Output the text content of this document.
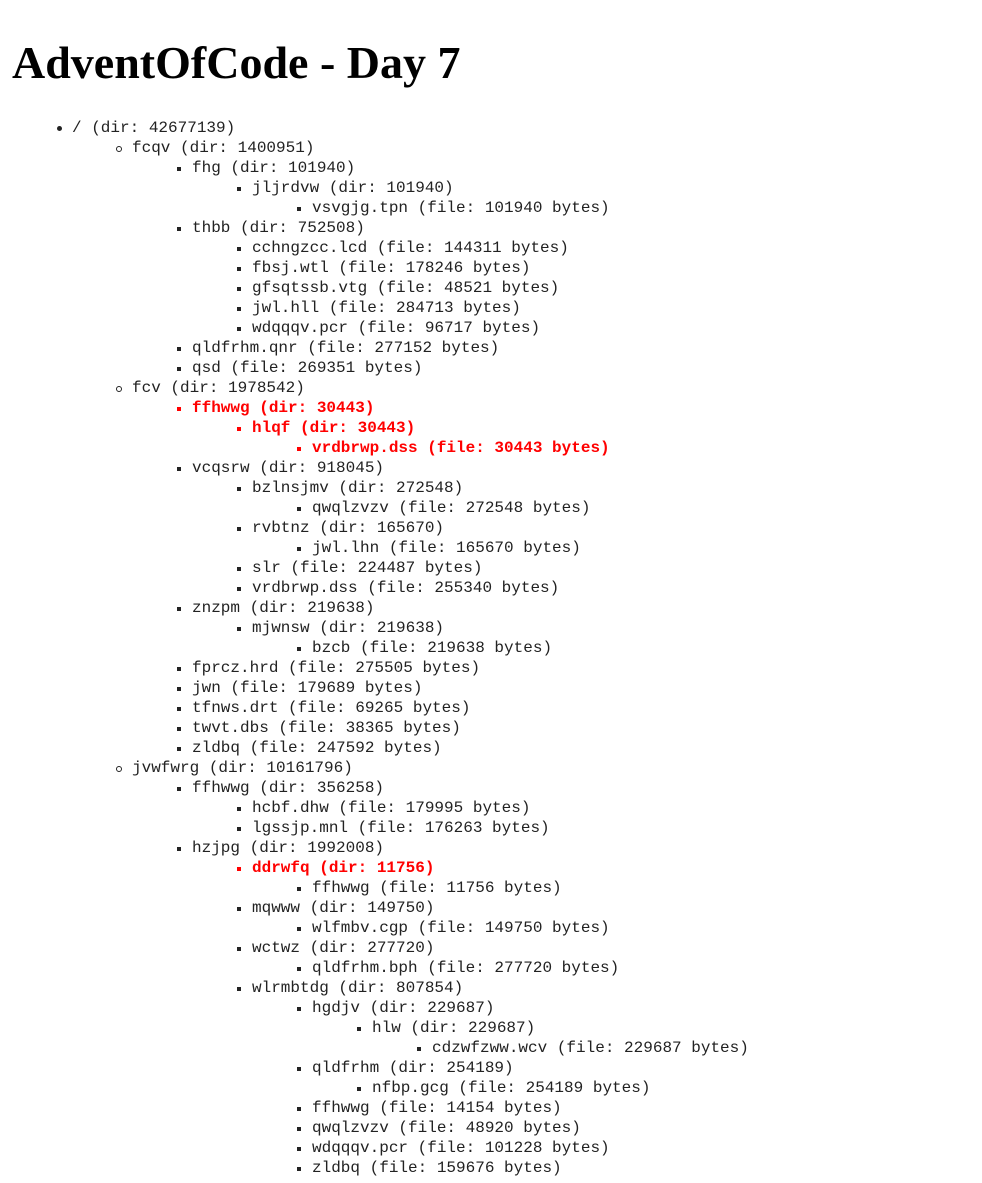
AdventOfCode - Day 7
/ (dir: 42677139)
fcqv (dir: 1400951)
fhg (dir: 101940)
jljrdvw (dir: 101940)
vsvgjg.tpn (file: 101940 bytes)
thbb (dir: 752508)
cchngzcc.lcd (file: 144311 bytes)
fbsj.wtl (file: 178246 bytes)
gfsqtssb.vtg (file: 48521 bytes)
jwl.hll (file: 284713 bytes)
wdqqqv.pcr (file: 96717 bytes)
qldfrhm.qnr (file: 277152 bytes)
qsd (file: 269351 bytes)
fcv (dir: 1978542)
ffhwwg (dir: 30443)
hlqf (dir: 30443)
vrdbrwp.dss (file: 30443 bytes)
vcqsrw (dir: 918045)
bzlnsjmv (dir: 272548)
qwqlzvzv (file: 272548 bytes)
rvbtnz (dir: 165670)
jwl.lhn (file: 165670 bytes)
slr (file: 224487 bytes)
vrdbrwp.dss (file: 255340 bytes)
znzpm (dir: 219638)
mjwnsw (dir: 219638)
bzcb (file: 219638 bytes)
fprcz.hrd (file: 275505 bytes)
jwn (file: 179689 bytes)
tfnws.drt (file: 69265 bytes)
twvt.dbs (file: 38365 bytes)
zldbq (file: 247592 bytes)
jvwfwrg (dir: 10161796)
ffhwwg (dir: 356258)
hcbf.dhw (file: 179995 bytes)
lgssjp.mnl (file: 176263 bytes)
hzjpg (dir: 1992008)
ddrwfq (dir: 11756)
ffhwwg (file: 11756 bytes)
mqwww (dir: 149750)
wlfmbv.cgp (file: 149750 bytes)
wctwz (dir: 277720)
qldfrhm.bph (file: 277720 bytes)
wlrmbtdg (dir: 807854)
hgdjv (dir: 229687)
hlw (dir: 229687)
cdzwfzww.wcv (file: 229687 bytes)
qldfrhm (dir: 254189)
nfbp.gcg (file: 254189 bytes)
ffhwwg (file: 14154 bytes)
qwqlzvzv (file: 48920 bytes)
wdqqqv.pcr (file: 101228 bytes)
zldbq (file: 159676 bytes)
